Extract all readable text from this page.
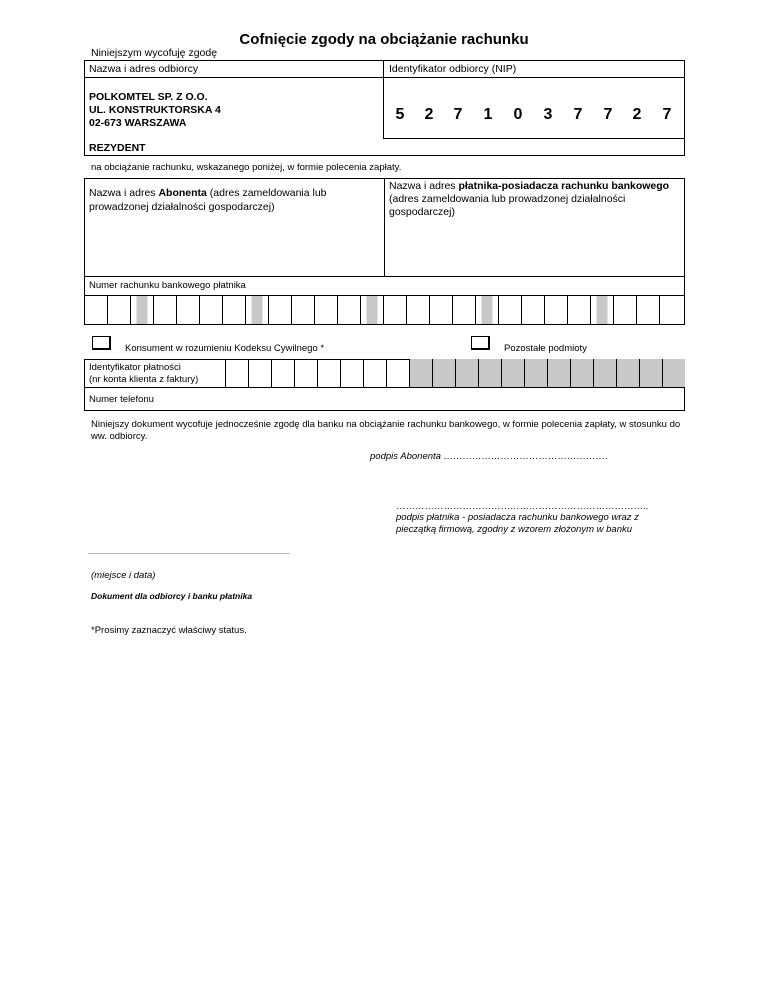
Cofnięcie zgody na obciążanie rachunku
Niniejszym wycofuję zgodę
Nazwa i adres odbiorcy	Identyfikator odbiorcy (NIP)
POLKOMTEL SP. Z O.O.
UL. KONSTRUKTORSKA 4
02-673 WARSZAWA
REZYDENT
5	2	7	1	0	3	7	7	2	7
na obciążanie rachunku, wskazanego poniżej, w formie polecenia zapłaty.
Nazwa i adres Abonenta (adres zameldowania lub prowadzonej działalności gospodarczej)
Nazwa i adres płatnika-posiadacza rachunku bankowego (adres zameldowania lub prowadzonej działalności gospodarczej)
Numer rachunku bankowego płatnika
Konsument w rozumieniu Kodeksu Cywilnego *	Pozostałe podmioty
Identyfikator płatności
(nr konta klienta z faktury)
Numer telefonu
Niniejszy dokument wycofuje jednocześnie zgodę dla banku na obciążanie rachunku bankowego, w formie polecenia zapłaty, w stosunku do ww. odbiorcy.
podpis Abonenta …………………………………………….
……………………………………………………………………..
podpis płatnika - posiadacza rachunku bankowego wraz z
pieczątką firmową, zgodny z wzorem złożonym w banku
(miejsce i data)
Dokument dla odbiorcy i banku płatnika
*Prosimy zaznaczyć właściwy status.
